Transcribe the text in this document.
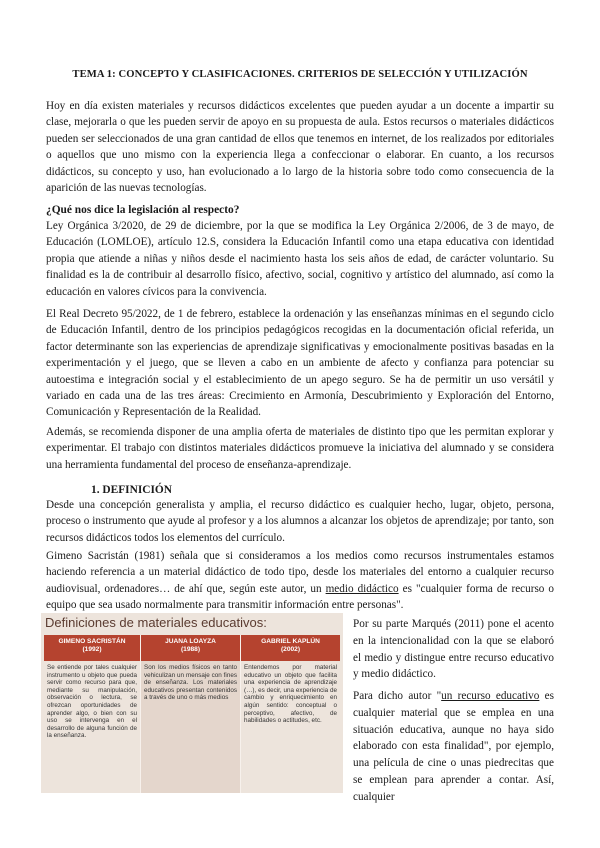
TEMA 1: CONCEPTO Y CLASIFICACIONES. CRITERIOS DE SELECCIÓN Y UTILIZACIÓN

Hoy en día existen materiales y recursos didácticos excelentes que pueden ayudar a un docente a impartir su clase, mejorarla o que les pueden servir de apoyo en su propuesta de aula. Estos recursos o materiales didácticos pueden ser seleccionados de una gran cantidad de ellos que tenemos en internet, de los realizados por editoriales o aquellos que uno mismo con la experiencia llega a confeccionar o elaborar. En cuanto, a los recursos didácticos, su concepto y uso, han evolucionado a lo largo de la historia sobre todo como consecuencia de la aparición de las nuevas tecnologías.

¿Qué nos dice la legislación al respecto?

Ley Orgánica 3/2020, de 29 de diciembre, por la que se modifica la Ley Orgánica 2/2006, de 3 de mayo, de Educación (LOMLOE), artículo 12.S, considera la Educación Infantil como una etapa educativa con identidad propia que atiende a niñas y niños desde el nacimiento hasta los seis años de edad, de carácter voluntario. Su finalidad es la de contribuir al desarrollo físico, afectivo, social, cognitivo y artístico del alumnado, así como la educación en valores cívicos para la convivencia.

El Real Decreto 95/2022, de 1 de febrero, establece la ordenación y las enseñanzas mínimas en el segundo ciclo de Educación Infantil, dentro de los principios pedagógicos recogidas en la documentación oficial referida, un factor determinante son las experiencias de aprendizaje significativas y emocionalmente positivas basadas en la experimentación y el juego, que se lleven a cabo en un ambiente de afecto y confianza para potenciar su autoestima e integración social y el establecimiento de un apego seguro. Se ha de permitir un uso versátil y variado en cada una de las tres áreas: Crecimiento en Armonía, Descubrimiento y Exploración del Entorno, Comunicación y Representación de la Realidad.

Además, se recomienda disponer de una amplia oferta de materiales de distinto tipo que les permitan explorar y experimentar. El trabajo con distintos materiales didácticos promueve la iniciativa del alumnado y se considera una herramienta fundamental del proceso de enseñanza-aprendizaje.

1. DEFINICIÓN

Desde una concepción generalista y amplia, el recurso didáctico es cualquier hecho, lugar, objeto, persona, proceso o instrumento que ayude al profesor y a los alumnos a alcanzar los objetos de aprendizaje; por tanto, son recursos didácticos todos los elementos del currículo.

Gimeno Sacristán (1981) señala que si consideramos a los medios como recursos instrumentales estamos haciendo referencia a un material didáctico de todo tipo, desde los materiales del entorno a cualquier recurso audiovisual, ordenadores… de ahí que, según este autor, un medio didáctico es "cualquier forma de recurso o equipo que sea usado normalmente para transmitir información entre personas".

Por su parte Marqués (2011) pone el acento en la intencionalidad con la que se elaboró el medio y distingue entre recurso educativo y medio didáctico.

Para dicho autor "un recurso educativo es cualquier material que se emplea en una situación educativa, aunque no haya sido elaborado con esta finalidad", por ejemplo, una película de cine o unas piedrecitas que se emplean para aprender a contar. Así, cualquier

Definiciones de materiales educativos:
GIMENO SACRISTÁN
(1992)
JUANA LOAYZA
(1988)
GABRIEL KAPLÚN
(2002)
Se entiende por tales cualquier instrumento u objeto que pueda servir como recurso para que, mediante su manipulación, observación o lectura, se ofrezcan oportunidades de aprender algo, o bien con su uso se intervenga en el desarrollo de alguna función de la enseñanza.
Son los medios físicos en tanto vehiculizan un mensaje con fines de enseñanza. Los materiales educativos presentan contenidos a través de uno o más medios
Entendemos por material educativo un objeto que facilita una experiencia de aprendizaje (…), es decir, una experiencia de cambio y enriquecimiento en algún sentido: conceptual o perceptivo, afectivo, de habilidades o actitudes, etc.
